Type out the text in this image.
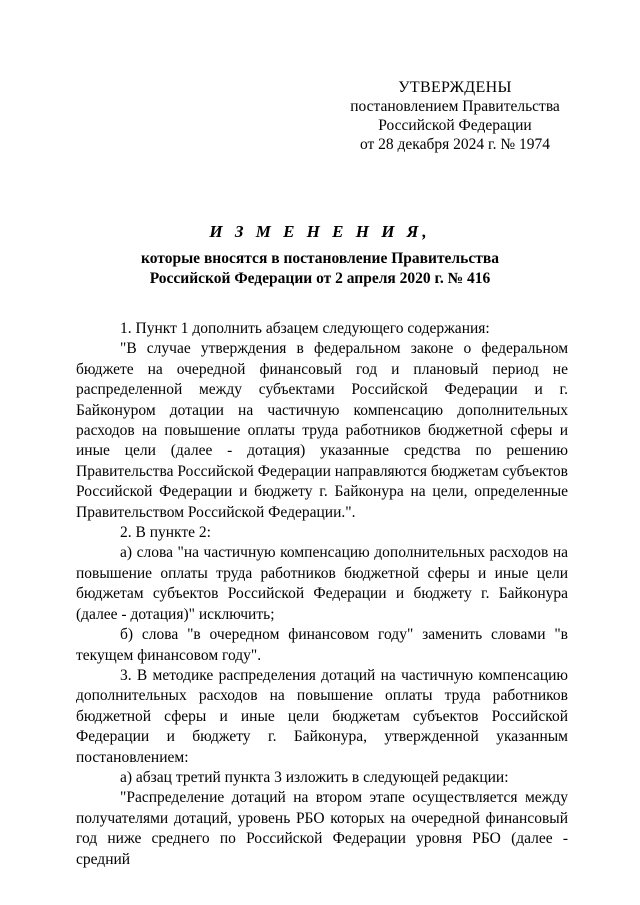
УТВЕРЖДЕНЫ
постановлением Правительства
Российской Федерации
от 28 декабря 2024 г. № 1974
И З М Е Н Е Н И Я,
которые вносятся в постановление Правительства
Российской Федерации от 2 апреля 2020 г. № 416

1. Пункт 1 дополнить абзацем следующего содержания:

"В случае утверждения в федеральном законе о федеральном бюджете на очередной финансовый год и плановый период не распределенной между субъектами Российской Федерации и г. Байконуром дотации на частичную компенсацию дополнительных расходов на повышение оплаты труда работников бюджетной сферы и иные цели (далее - дотация) указанные средства по решению Правительства Российской Федерации направляются бюджетам субъектов Российской Федерации и бюджету г. Байконура на цели, определенные Правительством Российской Федерации.".

2. В пункте 2:

а) слова "на частичную компенсацию дополнительных расходов на повышение оплаты труда работников бюджетной сферы и иные цели бюджетам субъектов Российской Федерации и бюджету г. Байконура (далее - дотация)" исключить;

б) слова "в очередном финансовом году" заменить словами "в текущем финансовом году".

3. В методике распределения дотаций на частичную компенсацию дополнительных расходов на повышение оплаты труда работников бюджетной сферы и иные цели бюджетам субъектов Российской Федерации и бюджету г. Байконура, утвержденной указанным постановлением:

а) абзац третий пункта 3 изложить в следующей редакции:

"Распределение дотаций на втором этапе осуществляется между получателями дотаций, уровень РБО которых на очередной финансовый год ниже среднего по Российской Федерации уровня РБО (далее - средний
